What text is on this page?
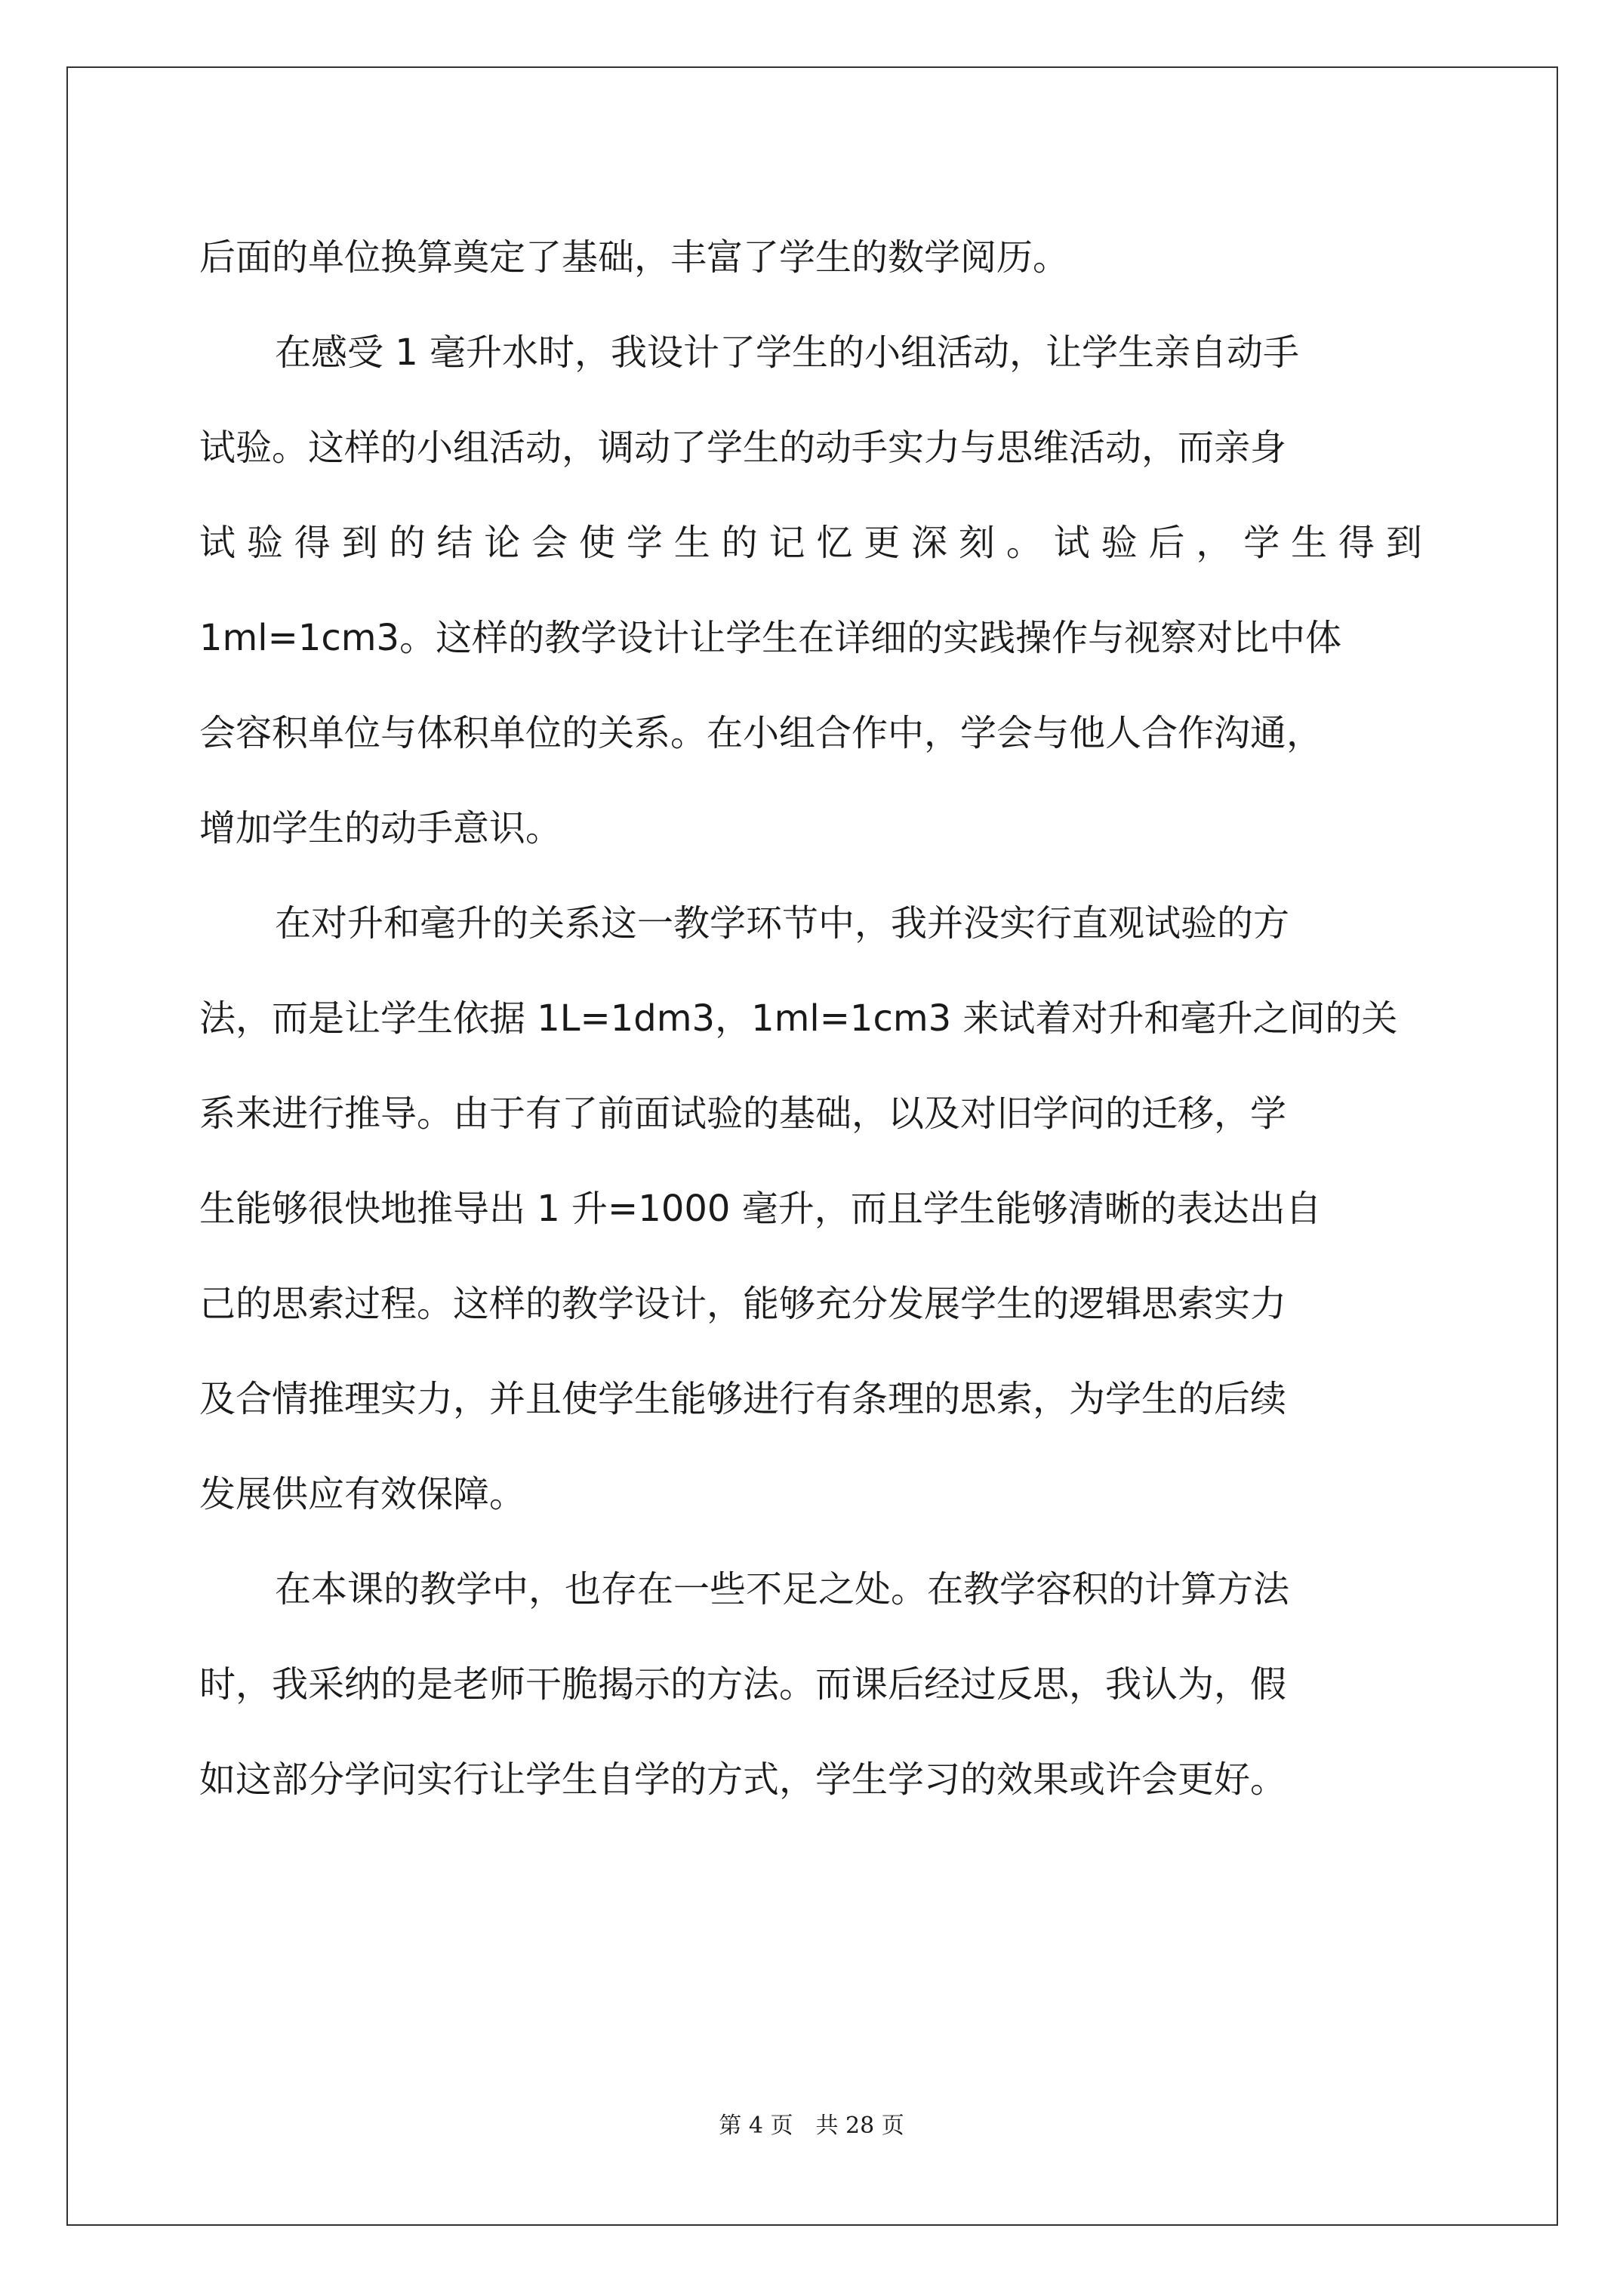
后面的单位换算奠定了基础，丰富了学生的数学阅历。
在感受 1 毫升水时，我设计了学生的小组活动，让学生亲自动手
试验。这样的小组活动，调动了学生的动手实力与思维活动，而亲身
试 验 得 到 的 结 论 会 使 学 生 的 记 忆 更 深 刻 。 试 验 后 ， 学 生 得 到
1ml=1cm3。这样的教学设计让学生在详细的实践操作与视察对比中体
会容积单位与体积单位的关系。在小组合作中，学会与他人合作沟通，
增加学生的动手意识。
在对升和毫升的关系这一教学环节中，我并没实行直观试验的方
法，而是让学生依据 1L=1dm3，1ml=1cm3 来试着对升和毫升之间的关
系来进行推导。由于有了前面试验的基础，以及对旧学问的迁移，学
生能够很快地推导出 1 升=1000 毫升，而且学生能够清晰的表达出自
己的思索过程。这样的教学设计，能够充分发展学生的逻辑思索实力
及合情推理实力，并且使学生能够进行有条理的思索，为学生的后续
发展供应有效保障。
在本课的教学中，也存在一些不足之处。在教学容积的计算方法
时，我采纳的是老师干脆揭示的方法。而课后经过反思，我认为，假
如这部分学问实行让学生自学的方式，学生学习的效果或许会更好。
第 4 页　共 28 页
